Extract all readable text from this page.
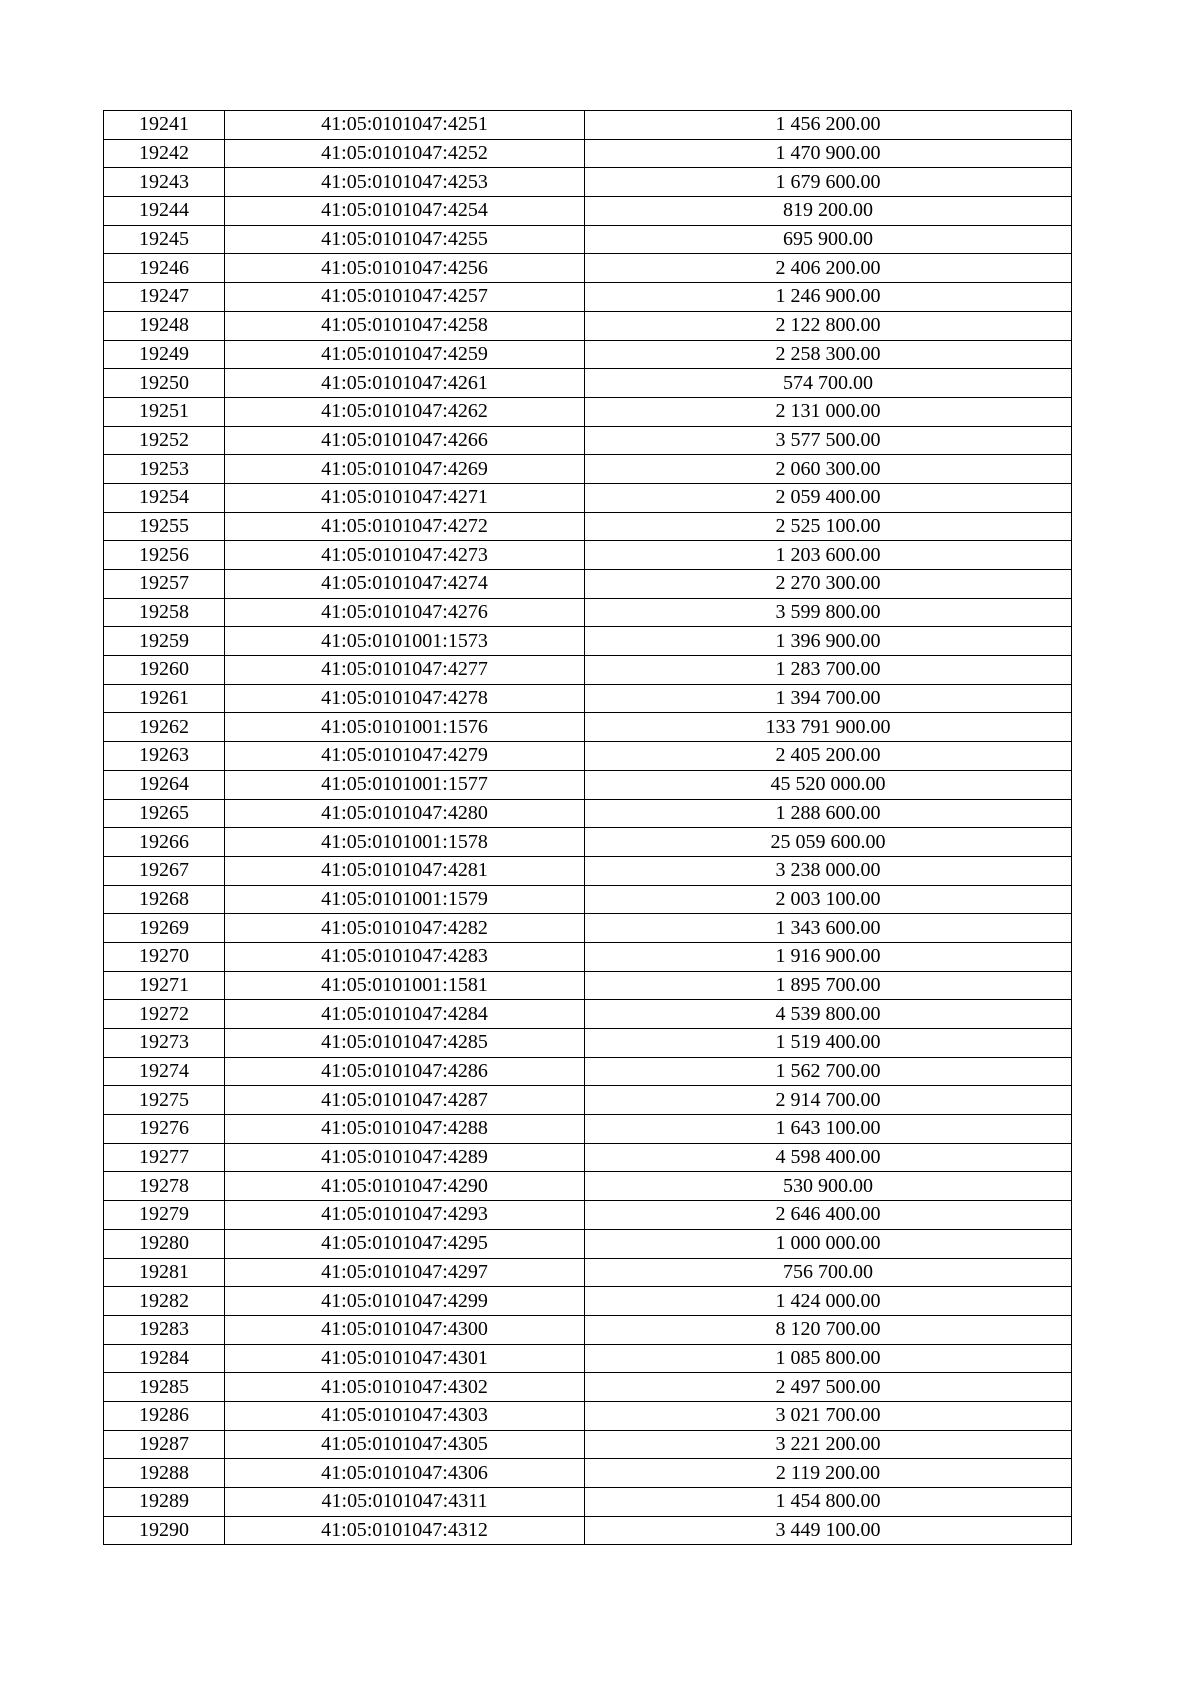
19241	41:05:0101047:4251	1 456 200.00
19242	41:05:0101047:4252	1 470 900.00
19243	41:05:0101047:4253	1 679 600.00
19244	41:05:0101047:4254	819 200.00
19245	41:05:0101047:4255	695 900.00
19246	41:05:0101047:4256	2 406 200.00
19247	41:05:0101047:4257	1 246 900.00
19248	41:05:0101047:4258	2 122 800.00
19249	41:05:0101047:4259	2 258 300.00
19250	41:05:0101047:4261	574 700.00
19251	41:05:0101047:4262	2 131 000.00
19252	41:05:0101047:4266	3 577 500.00
19253	41:05:0101047:4269	2 060 300.00
19254	41:05:0101047:4271	2 059 400.00
19255	41:05:0101047:4272	2 525 100.00
19256	41:05:0101047:4273	1 203 600.00
19257	41:05:0101047:4274	2 270 300.00
19258	41:05:0101047:4276	3 599 800.00
19259	41:05:0101001:1573	1 396 900.00
19260	41:05:0101047:4277	1 283 700.00
19261	41:05:0101047:4278	1 394 700.00
19262	41:05:0101001:1576	133 791 900.00
19263	41:05:0101047:4279	2 405 200.00
19264	41:05:0101001:1577	45 520 000.00
19265	41:05:0101047:4280	1 288 600.00
19266	41:05:0101001:1578	25 059 600.00
19267	41:05:0101047:4281	3 238 000.00
19268	41:05:0101001:1579	2 003 100.00
19269	41:05:0101047:4282	1 343 600.00
19270	41:05:0101047:4283	1 916 900.00
19271	41:05:0101001:1581	1 895 700.00
19272	41:05:0101047:4284	4 539 800.00
19273	41:05:0101047:4285	1 519 400.00
19274	41:05:0101047:4286	1 562 700.00
19275	41:05:0101047:4287	2 914 700.00
19276	41:05:0101047:4288	1 643 100.00
19277	41:05:0101047:4289	4 598 400.00
19278	41:05:0101047:4290	530 900.00
19279	41:05:0101047:4293	2 646 400.00
19280	41:05:0101047:4295	1 000 000.00
19281	41:05:0101047:4297	756 700.00
19282	41:05:0101047:4299	1 424 000.00
19283	41:05:0101047:4300	8 120 700.00
19284	41:05:0101047:4301	1 085 800.00
19285	41:05:0101047:4302	2 497 500.00
19286	41:05:0101047:4303	3 021 700.00
19287	41:05:0101047:4305	3 221 200.00
19288	41:05:0101047:4306	2 119 200.00
19289	41:05:0101047:4311	1 454 800.00
19290	41:05:0101047:4312	3 449 100.00
